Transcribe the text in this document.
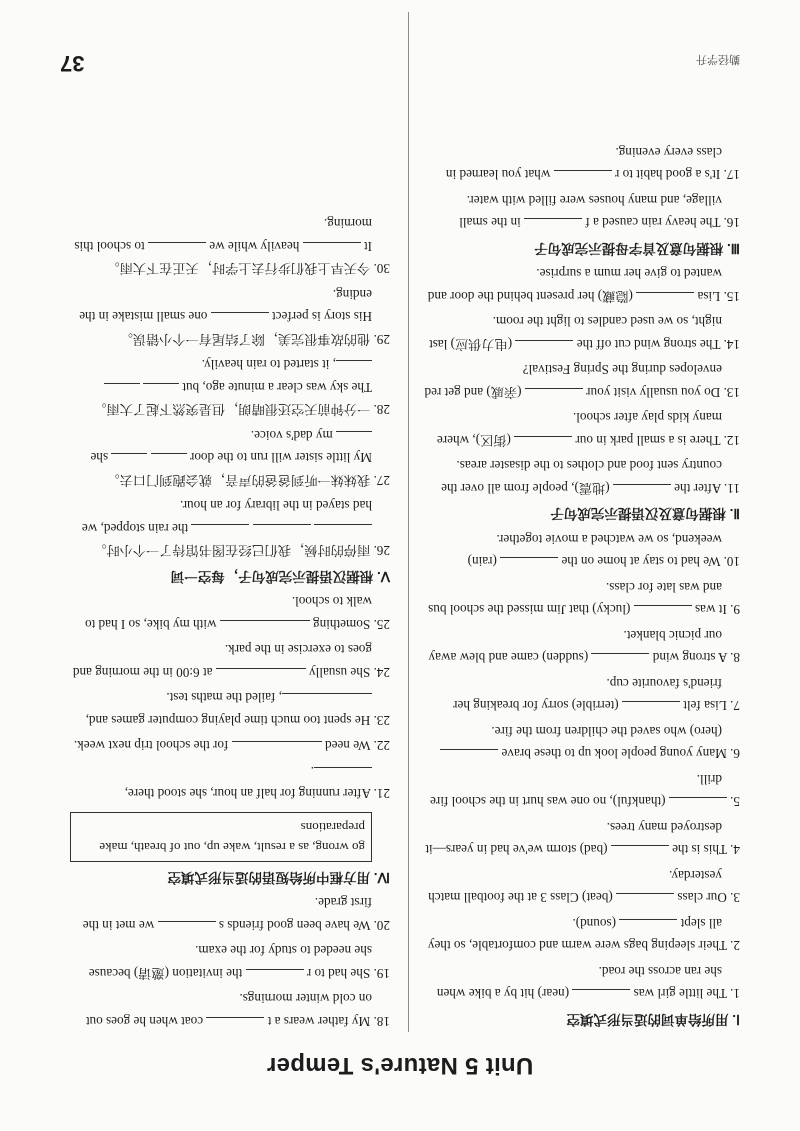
Unit 5 Nature's Temper
Ⅰ. 用所给单词的适当形式填空
1. The little girl was  (near) hit by a bike when she ran across the road.
2. Their sleeping bags were warm and comfortable, so they all slept  (sound).
3. Our class  (beat) Class 3 at the football match yesterday.
4. This is the  (bad) storm we've had in years—it destroyed many trees.
5.  (thankful), no one was hurt in the school fire drill.
6. Many young people look up to these brave  (hero) who saved the children from the fire.
7. Lisa felt  (terrible) sorry for breaking her friend's favourite cup.
8. A strong wind  (sudden) came and blew away our picnic blanket.
9. It was  (lucky) that Jim missed the school bus and was late for class.
10. We had to stay at home on the  (rain) weekend, so we watched a movie together.
Ⅱ. 根据句意及汉语提示完成句子
11. After the  (地震), people from all over the country sent food and clothes to the disaster areas.
12. There is a small park in our  (街区), where many kids play after school.
13. Do you usually visit your  (亲戚) and get red envelopes during the Spring Festival?
14. The strong wind cut off the  (电力供应) last night, so we used candles to light the room.
15. Lisa  (隐藏) her present behind the door and wanted to give her mum a surprise.
Ⅲ. 根据句意及首字母提示完成句子
16. The heavy rain caused a f  in the small village, and many houses were filled with water.
17. It's a good habit to r  what you learned in class every evening.
18. My father wears a t  coat when he goes out on cold winter mornings.
19. She had to r  the invitation (邀请) because she needed to study for the exam.
20. We have been good friends s  we met in the first grade.
Ⅳ. 用方框中所给短语的适当形式填空
go wrong, as a result, wake up, out of breath, make preparations
21. After running for half an hour, she stood there, .
22. We need  for the school trip next week.
23. He spent too much time playing computer games and, , failed the maths test.
24. She usually  at 6:00 in the morning and goes to exercise in the park.
25. Something  with my bike, so I had to walk to school.
Ⅴ. 根据汉语提示完成句子，每空一词
26. 雨停的时候，我们已经在图书馆待了一个小时。
the rain stopped, we had stayed in the library for an hour.
27. 我妹妹一听到爸爸的声音，就会跑到门口去。
My little sister will run to the door   she  my dad's voice.
28. 一分钟前天空还很晴朗，但是突然下起了大雨。
The sky was clear a minute ago, but   , it started to rain heavily.
29. 他的故事很完美，除了结尾有一个小错误。
His story is perfect  one small mistake in the ending.
30. 今天早上我们步行去上学时，天正在下大雨。
It  heavily while we  to school this morning.
勤径学升
37
